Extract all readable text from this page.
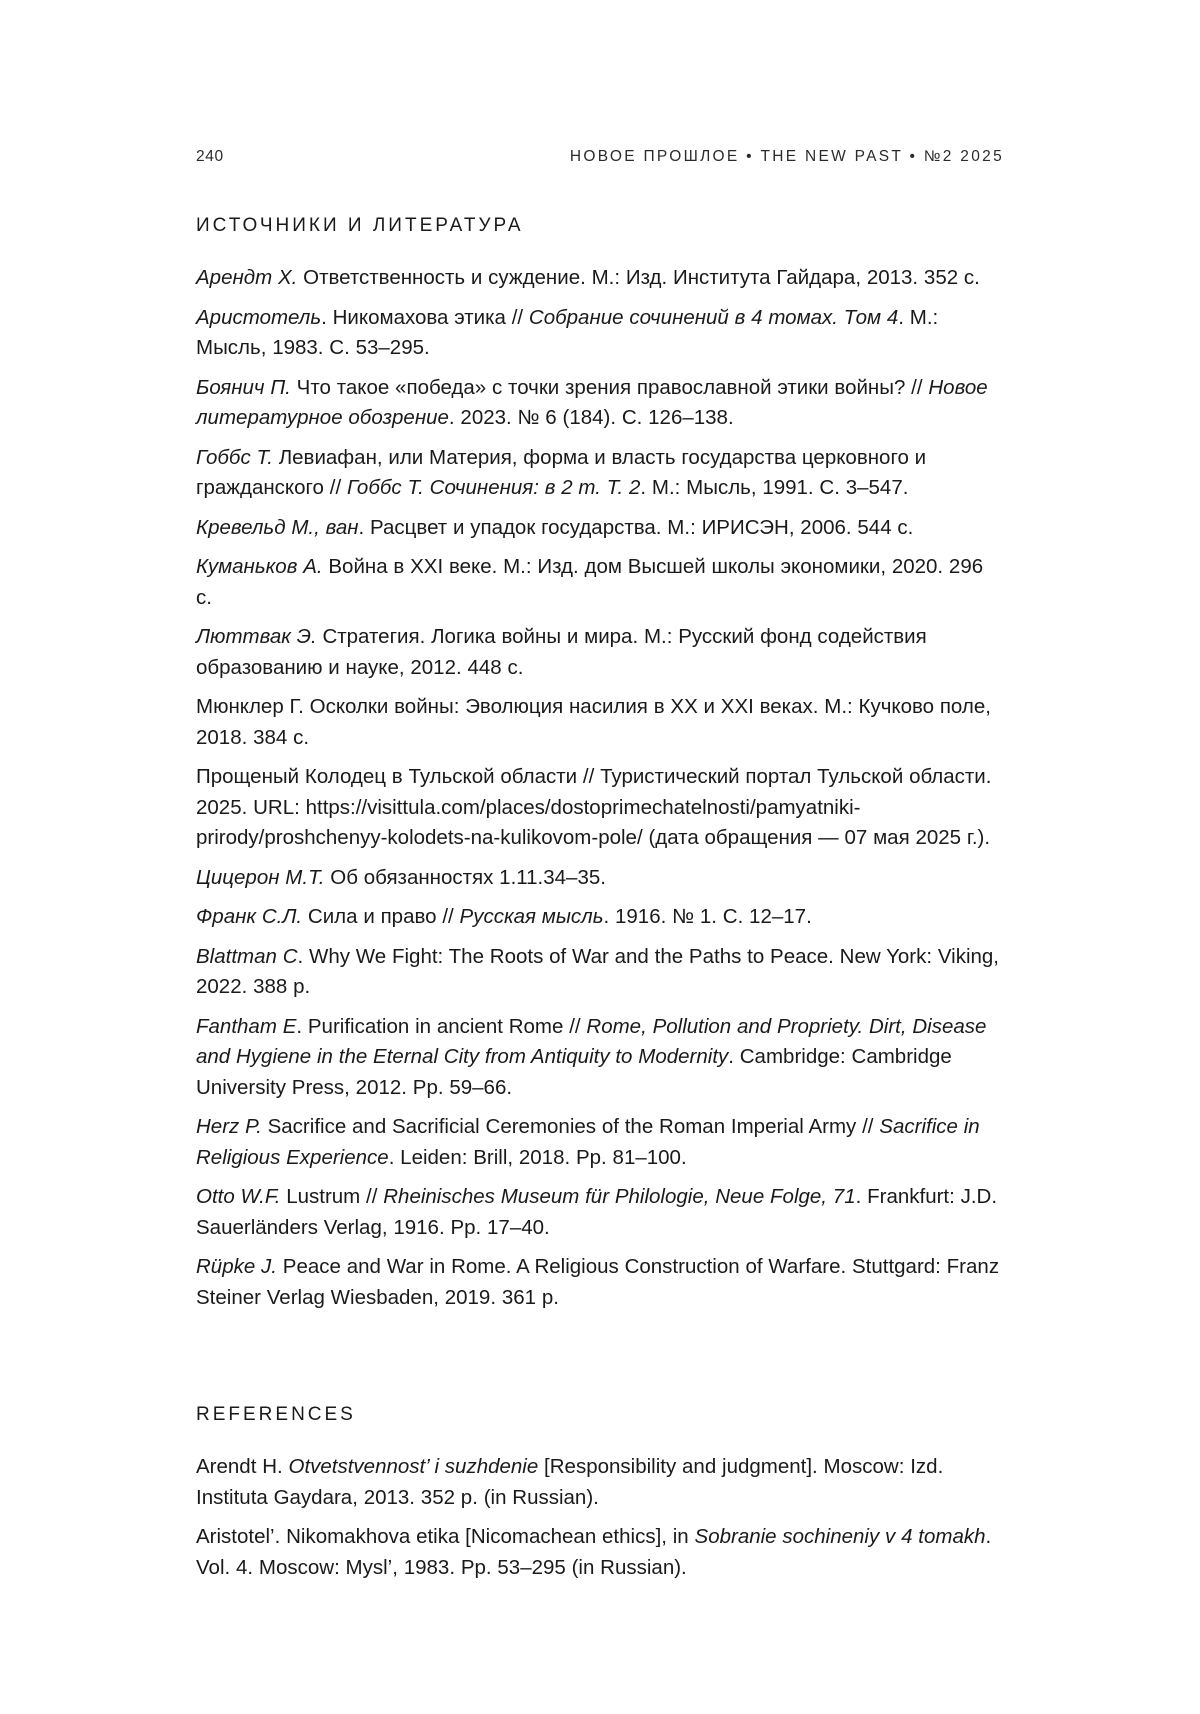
240	НОВОЕ ПРОШЛОЕ • THE NEW PAST • №2 2025
ИСТОЧНИКИ И ЛИТЕРАТУРА
Арендт Х. Ответственность и суждение. М.: Изд. Института Гайдара, 2013. 352 с.
Аристотель. Никомахова этика // Собрание сочинений в 4 томах. Том 4. М.: Мысль, 1983. С. 53–295.
Боянич П. Что такое «победа» с точки зрения православной этики войны? // Новое литературное обозрение. 2023. № 6 (184). С. 126–138.
Гоббс Т. Левиафан, или Материя, форма и власть государства церковного и гражданского // Гоббс Т. Сочинения: в 2 т. Т. 2. М.: Мысль, 1991. С. 3–547.
Кревельд М., ван. Расцвет и упадок государства. М.: ИРИСЭН, 2006. 544 с.
Куманьков А. Война в XXI веке. М.: Изд. дом Высшей школы экономики, 2020. 296 с.
Люттвак Э. Стратегия. Логика войны и мира. М.: Русский фонд содействия образованию и науке, 2012. 448 с.
Мюнклер Г. Осколки войны: Эволюция насилия в XX и XXI веках. М.: Кучково поле, 2018. 384 с.
Прощеный Колодец в Тульской области // Туристический портал Тульской области. 2025. URL: https://visittula.com/places/dostoprimechatelnosti/pamyatniki-prirody/proshchenyy-kolodets-na-kulikovom-pole/ (дата обращения — 07 мая 2025 г.).
Цицерон М.Т. Об обязанностях 1.11.34–35.
Франк С.Л. Сила и право // Русская мысль. 1916. № 1. С. 12–17.
Blattman C. Why We Fight: The Roots of War and the Paths to Peace. New York: Viking, 2022. 388 p.
Fantham E. Purification in ancient Rome // Rome, Pollution and Propriety. Dirt, Disease and Hygiene in the Eternal City from Antiquity to Modernity. Cambridge: Cambridge University Press, 2012. Pp. 59–66.
Herz P. Sacrifice and Sacrificial Ceremonies of the Roman Imperial Army // Sacrifice in Religious Experience. Leiden: Brill, 2018. Pp. 81–100.
Otto W.F. Lustrum // Rheinisches Museum für Philologie, Neue Folge, 71. Frankfurt: J.D. Sauerländers Verlag, 1916. Pp. 17–40.
Rüpke J. Peace and War in Rome. A Religious Construction of Warfare. Stuttgard: Franz Steiner Verlag Wiesbaden, 2019. 361 p.
REFERENCES
Arendt H. Otvetstvennost’ i suzhdenie [Responsibility and judgment]. Moscow: Izd. Instituta Gaydara, 2013. 352 p. (in Russian).
Aristotel’. Nikomakhova etika [Nicomachean ethics], in Sobranie sochineniy v 4 tomakh. Vol. 4. Moscow: Mysl’, 1983. Pp. 53–295 (in Russian).
